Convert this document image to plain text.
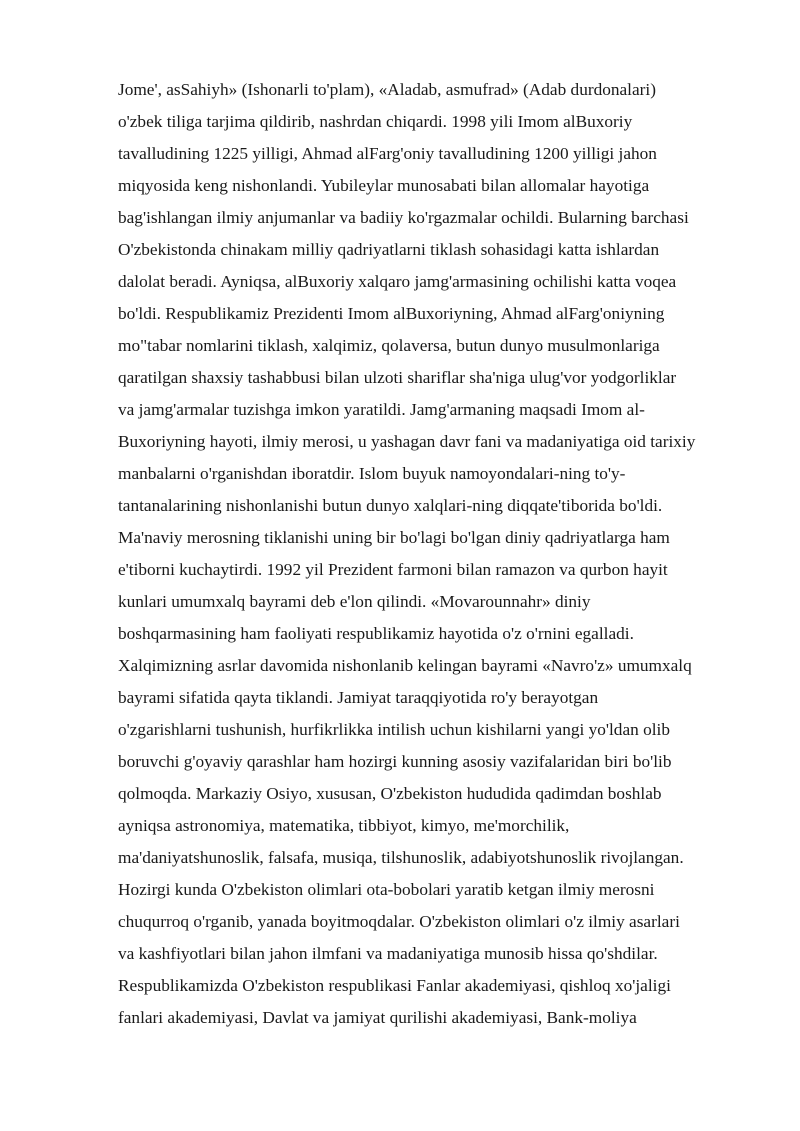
Jome', asSahiyh» (Ishonarli to'plam), «Aladab, asmufrad» (Adab durdonalari)
o'zbek tiliga tarjima qildirib, nashrdan chiqardi. 1998 yili Imom alBuxoriy
tavalludining 1225 yilligi, Ahmad alFarg'oniy tavalludining 1200 yilligi jahon
miqyosida keng nishonlandi. Yubileylar munosabati bilan allomalar hayotiga
bag'ishlangan ilmiy anjumanlar va badiiy ko'rgazmalar ochildi. Bularning barchasi
O'zbekistonda chinakam milliy qadriyatlarni tiklash sohasidagi katta ishlardan
dalolat beradi. Ayniqsa, alBuxoriy xalqaro jamg'armasining ochilishi katta voqea
bo'ldi. Respublikamiz Prezidenti Imom alBuxoriyning, Ahmad alFarg'oniyning
mo"tabar nomlarini tiklash, xalqimiz, qolaversa, butun dunyo musulmonlariga
qaratilgan shaxsiy tashabbusi bilan ulzoti shariflar sha'niga ulug'vor yodgorliklar
va jamg'armalar tuzishga imkon yaratildi. Jamg'armaning maqsadi Imom al-
Buxoriyning hayoti, ilmiy merosi, u yashagan davr fani va madaniyatiga oid tarixiy
manbalarni o'rganishdan iboratdir. Islom buyuk namoyondalari-ning to'y-
tantanalarining nishonlanishi butun dunyo xalqlari-ning diqqate'tiborida bo'ldi.
Ma'naviy merosning tiklanishi uning bir bo'lagi bo'lgan diniy qadriyatlarga ham
e'tiborni kuchaytirdi. 1992 yil Prezident farmoni bilan ramazon va qurbon hayit
kunlari umumxalq bayrami deb e'lon qilindi. «Movarounnahr» diniy
boshqarmasining ham faoliyati respublikamiz hayotida o'z o'rnini egalladi.
Xalqimizning asrlar davomida nishonlanib kelingan bayrami «Navro'z» umumxalq
bayrami sifatida qayta tiklandi. Jamiyat taraqqiyotida ro'y berayotgan
o'zgarishlarni tushunish, hurfikrlikka intilish uchun kishilarni yangi yo'ldan olib
boruvchi g'oyaviy qarashlar ham hozirgi kunning asosiy vazifalaridan biri bo'lib
qolmoqda. Markaziy Osiyo, xususan, O'zbekiston hududida qadimdan boshlab
ayniqsa astronomiya, matematika, tibbiyot, kimyo, me'morchilik,
ma'daniyatshunoslik, falsafa, musiqa, tilshunoslik, adabiyotshunoslik rivojlangan.
Hozirgi kunda O'zbekiston olimlari ota-bobolari yaratib ketgan ilmiy merosni
chuqurroq o'rganib, yanada boyitmoqdalar. O'zbekiston olimlari o'z ilmiy asarlari
va kashfiyotlari bilan jahon ilmfani va madaniyatiga munosib hissa qo'shdilar.
Respublikamizda O'zbekiston respublikasi Fanlar akademiyasi, qishloq xo'jaligi
fanlari akademiyasi, Davlat va jamiyat qurilishi akademiyasi, Bank-moliya
